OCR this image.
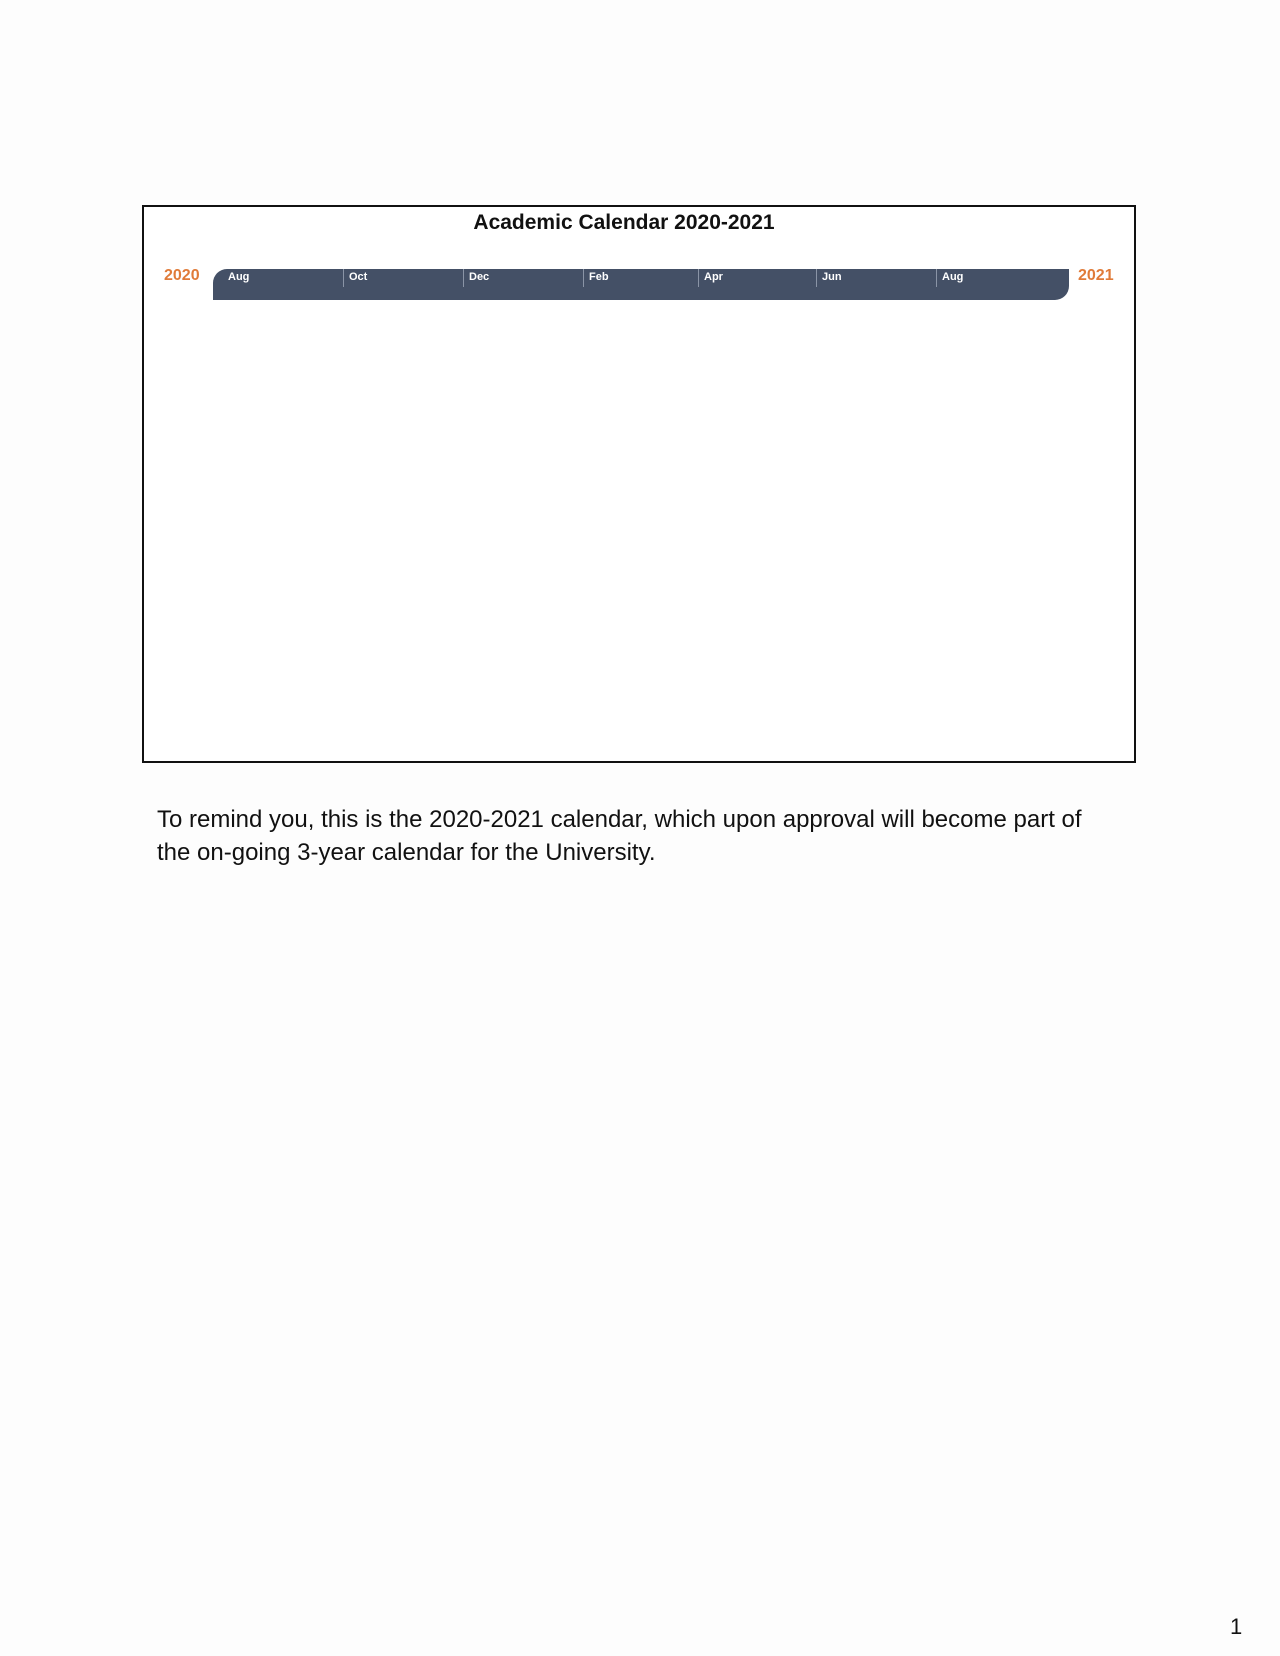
Academic Calendar 2020-2021
2020	Aug	Oct	Dec	Feb	Apr	Jun	Aug	2021
To remind you, this is the 2020-2021 calendar, which upon approval will become part of the on-going 3-year calendar for the University.
1
